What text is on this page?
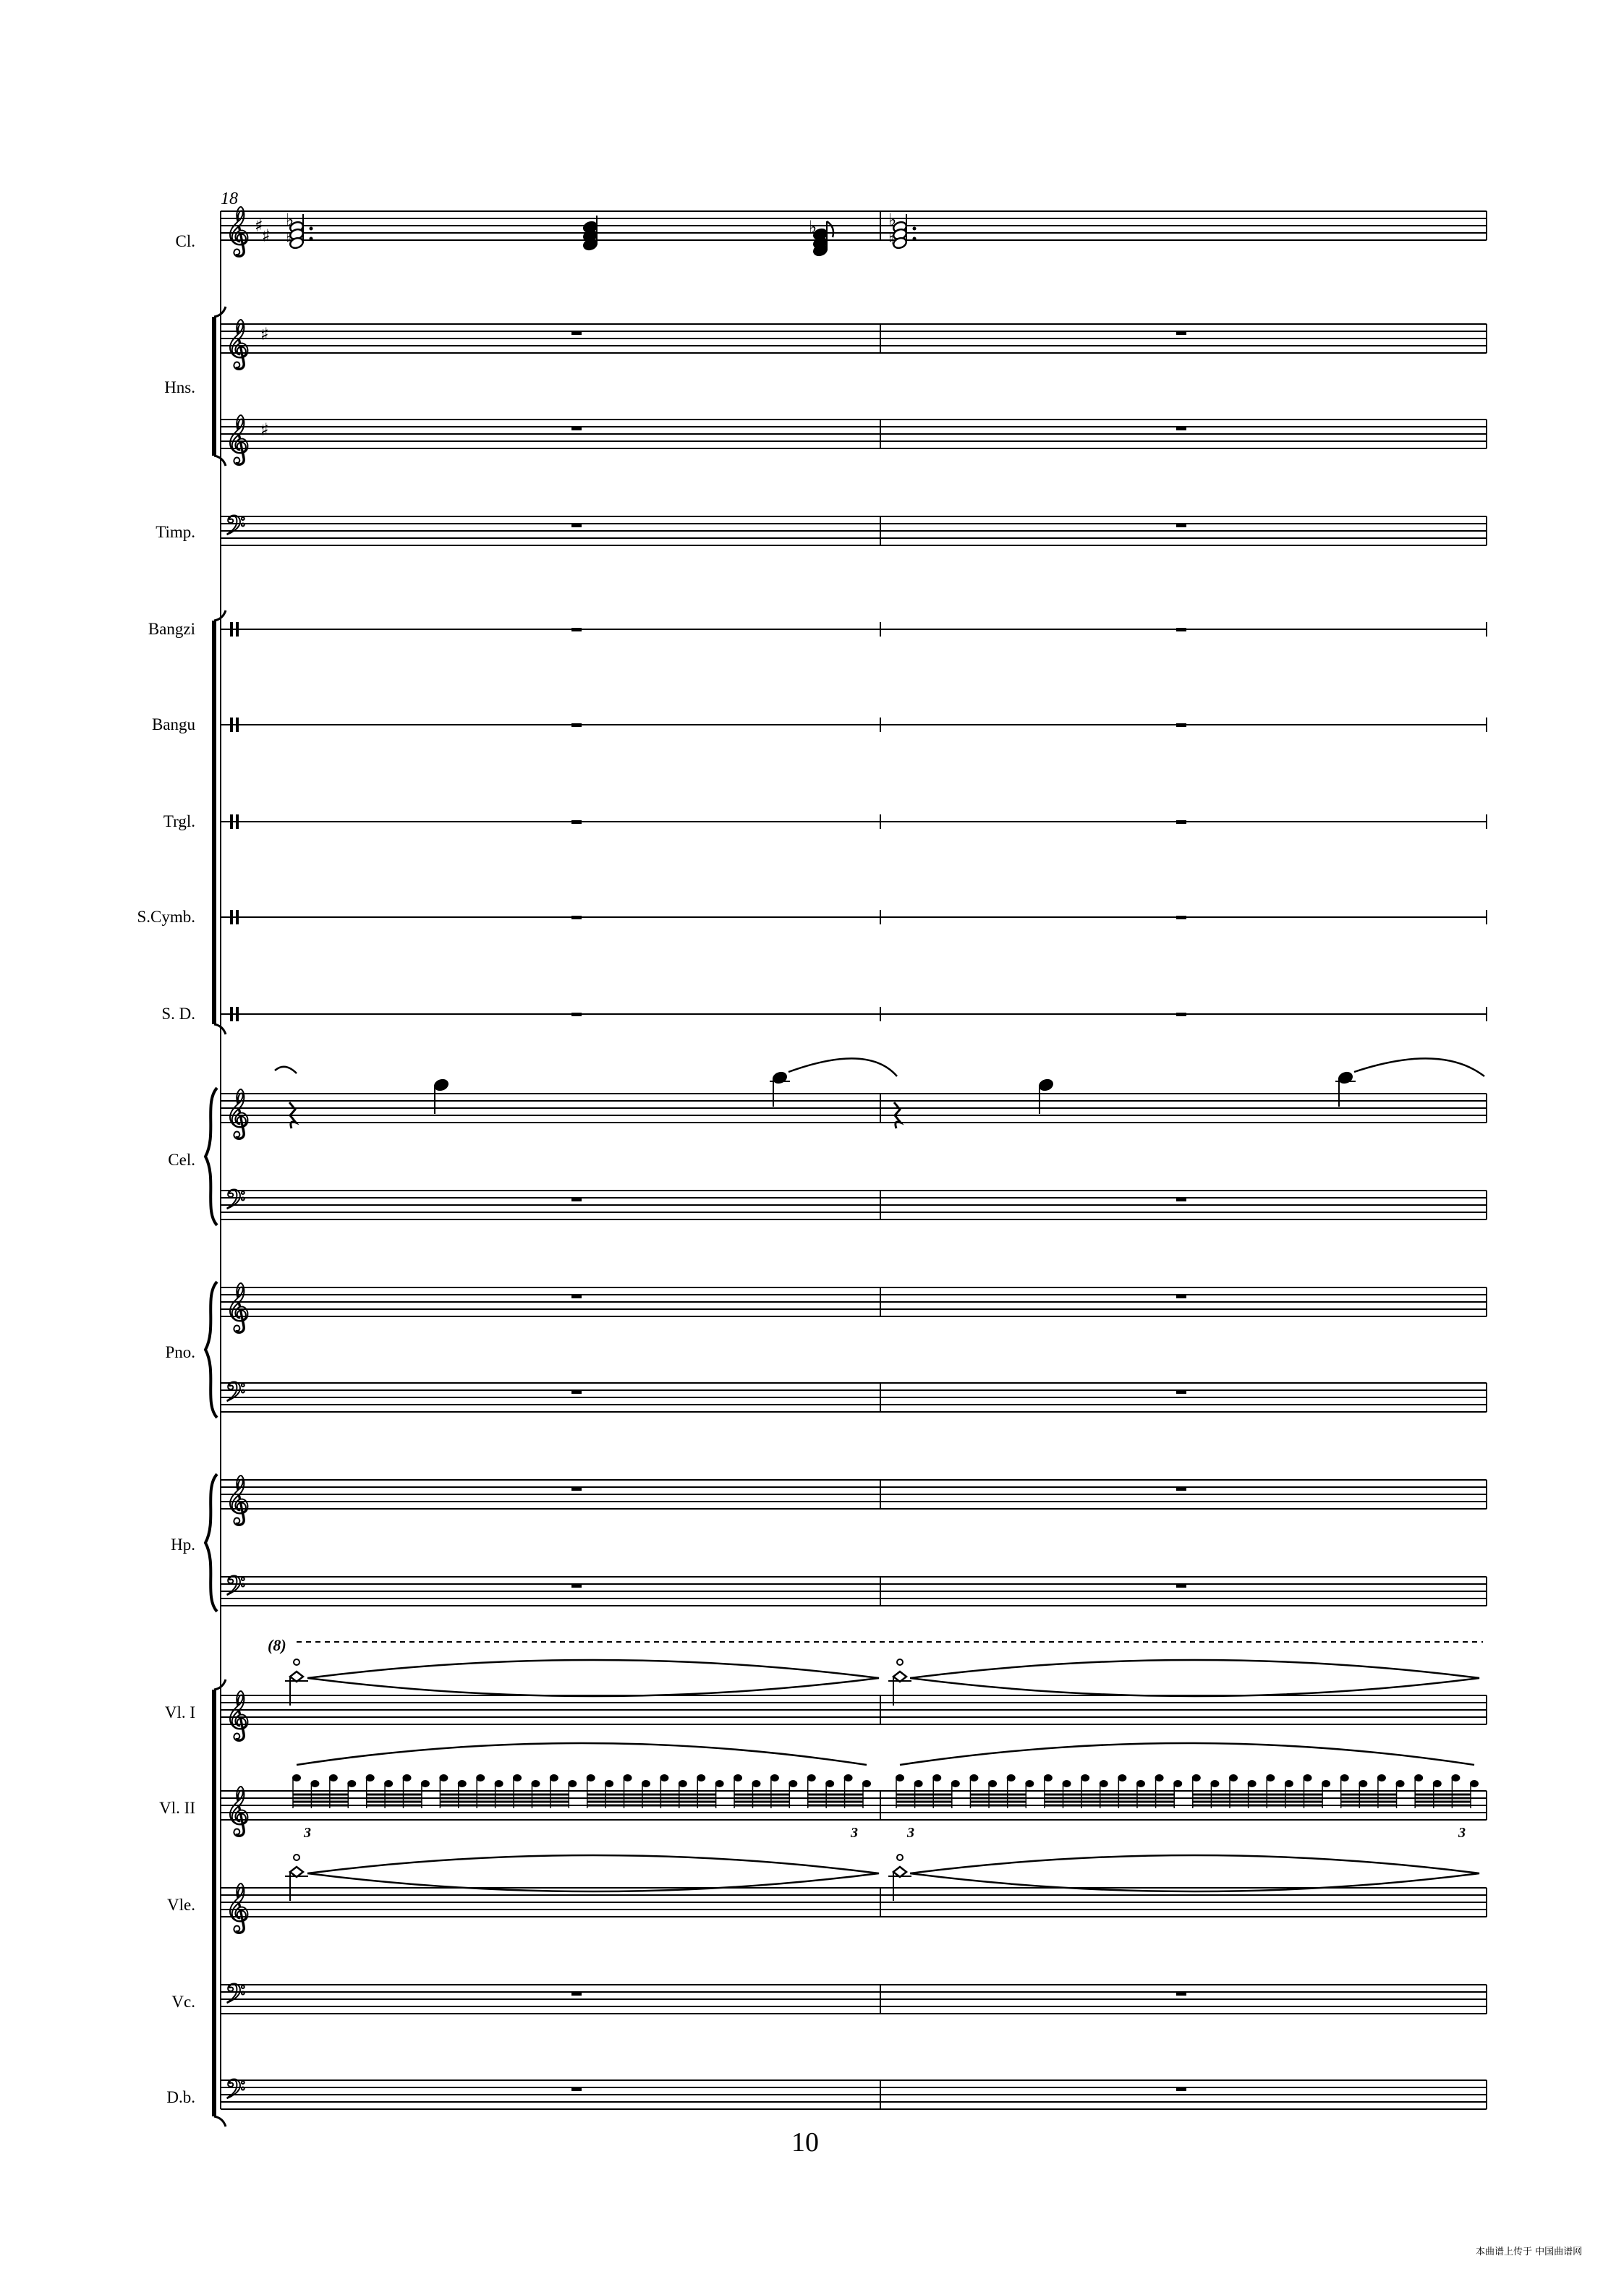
𝄞
𝄞
𝄞
𝄢
𝄞
𝄢
𝄞
𝄢
𝄞
𝄢
𝄞
𝄞
𝄞
𝄢
𝄢
♯
♯
♯
♯
♭	♭
♭
♮	♮
3	3	3	3
18
(8)
10
本曲谱上传于 中国曲谱网
Cl.
Hns.
Timp.
Bangzi
Bangu
Trgl.
S.Cymb.
S. D.
Cel.
Pno.
Hp.
Vl. I
Vl. II
Vle.
Vc.
D.b.
